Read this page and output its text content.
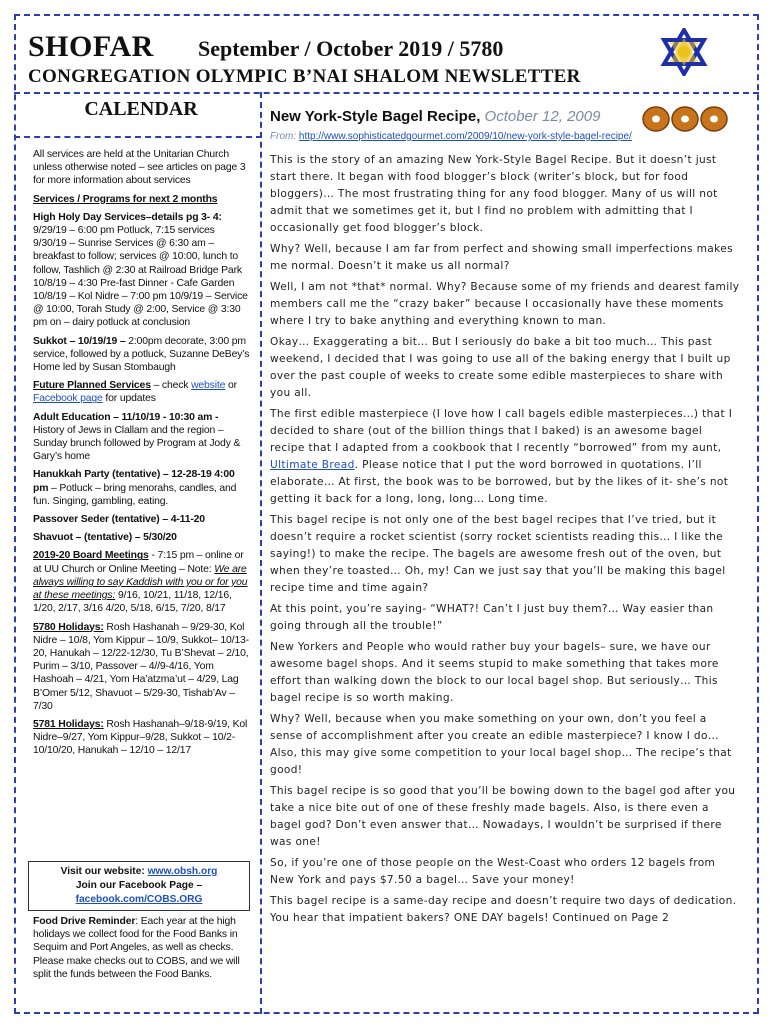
SHOFAR September / October 2019 / 5780
CONGREGATION OLYMPIC B’NAI SHALOM NEWSLETTER
CALENDAR

All services are held at the Unitarian Church unless otherwise noted – see articles on page 3 for more information about services

Services / Programs for next 2 months

High Holy Day Services–details pg 3- 4:
9/29/19 – 6:00 pm Potluck, 7:15 services 9/30/19 – Sunrise Services @ 6:30 am – breakfast to follow; services @ 10:00, lunch to follow, Tashlich @ 2:30 at Railroad Bridge Park 10/8/19 – 4:30 Pre-fast Dinner - Cafe Garden 10/8/19 – Kol Nidre – 7:00 pm 10/9/19 – Service @ 10:00, Torah Study @ 2:00, Service @ 3:30 pm on – dairy potluck at conclusion

Sukkot – 10/19/19 – 2:00pm decorate, 3:00 pm service, followed by a potluck, Suzanne DeBey’s Home led by Susan Stombaugh

Future Planned Services – check website or Facebook page for updates

Adult Education – 11/10/19 - 10:30 am - History of Jews in Clallam and the region – Sunday brunch followed by Program at Jody & Gary’s home

Hanukkah Party (tentative) – 12-28-19 4:00 pm – Potluck – bring menorahs, candles, and fun. Singing, gambling, eating.

Passover Seder (tentative) – 4-11-20

Shavuot – (tentative) – 5/30/20

2019-20 Board Meetings - 7:15 pm – online or at UU Church or Online Meeting – Note: We are always willing to say Kaddish with you or for you at these meetings: 9/16, 10/21, 11/18, 12/16, 1/20, 2/17, 3/16 4/20, 5/18, 6/15, 7/20, 8/17

5780 Holidays: Rosh Hashanah – 9/29-30, Kol Nidre – 10/8, Yom Kippur – 10/9, Sukkot– 10/13-20, Hanukah – 12/22-12/30, Tu B’Shevat – 2/10, Purim – 3/10, Passover – 4//9-4/16, Yom Hashoah – 4/21, Yom Ha’atzma’ut – 4/29, Lag B’Omer 5/12, Shavuot – 5/29-30, Tishab’Av – 7/30

5781 Holidays: Rosh Hashanah–9/18-9/19, Kol Nidre–9/27, Yom Kippur–9/28, Sukkot – 10/2-10/10/20, Hanukah – 12/10 – 12/17

Visit our website: www.obsh.org
Join our Facebook Page –
facebook.com/COBS.ORG
Food Drive Reminder: Each year at the high holidays we collect food for the Food Banks in Sequim and Port Angeles, as well as checks. Please make checks out to COBS, and we will split the funds between the Food Banks.
New York-Style Bagel Recipe, October 12, 2009

From: http://www.sophisticatedgourmet.com/2009/10/new-york-style-bagel-recipe/

This is the story of an amazing New York-Style Bagel Recipe. But it doesn’t just start there. It began with food blogger’s block (writer’s block, but for food bloggers)… The most frustrating thing for any food blogger. Many of us will not admit that we sometimes get it, but I find no problem with admitting that I occasionally get food blogger’s block.

Why? Well, because I am far from perfect and showing small imperfections makes me normal. Doesn’t it make us all normal?

Well, I am not *that* normal. Why? Because some of my friends and dearest family members call me the “crazy baker” because I occasionally have these moments where I try to bake anything and everything known to man.

Okay… Exaggerating a bit… But I seriously do bake a bit too much… This past weekend, I decided that I was going to use all of the baking energy that I built up over the past couple of weeks to create some edible masterpieces to share with you all.

The first edible masterpiece (I love how I call bagels edible masterpieces…) that I decided to share (out of the billion things that I baked) is an awesome bagel recipe that I adapted from a cookbook that I recently “borrowed” from my aunt, Ultimate Bread. Please notice that I put the word borrowed in quotations. I’ll elaborate… At first, the book was to be borrowed, but by the likes of it- she’s not getting it back for a long, long, long… Long time.

This bagel recipe is not only one of the best bagel recipes that I’ve tried, but it doesn’t require a rocket scientist (sorry rocket scientists reading this… I like the saying!) to make the recipe. The bagels are awesome fresh out of the oven, but when they’re toasted… Oh, my! Can we just say that you’ll be making this bagel recipe time and time again?

At this point, you’re saying- “WHAT?! Can’t I just buy them?… Way easier than going through all the trouble!”

New Yorkers and People who would rather buy your bagels– sure, we have our awesome bagel shops. And it seems stupid to make something that takes more effort than walking down the block to our local bagel shop. But seriously… This bagel recipe is so worth making.

Why? Well, because when you make something on your own, don’t you feel a sense of accomplishment after you create an edible masterpiece? I know I do… Also, this may give some competition to your local bagel shop… The recipe’s that good!

This bagel recipe is so good that you’ll be bowing down to the bagel god after you take a nice bite out of one of these freshly made bagels. Also, is there even a bagel god? Don’t even answer that… Nowadays, I wouldn’t be surprised if there was one!

So, if you’re one of those people on the West-Coast who orders 12 bagels from New York and pays $7.50 a bagel… Save your money!

This bagel recipe is a same-day recipe and doesn’t require two days of dedication. You hear that impatient bakers? ONE DAY bagels! Continued on Page 2
